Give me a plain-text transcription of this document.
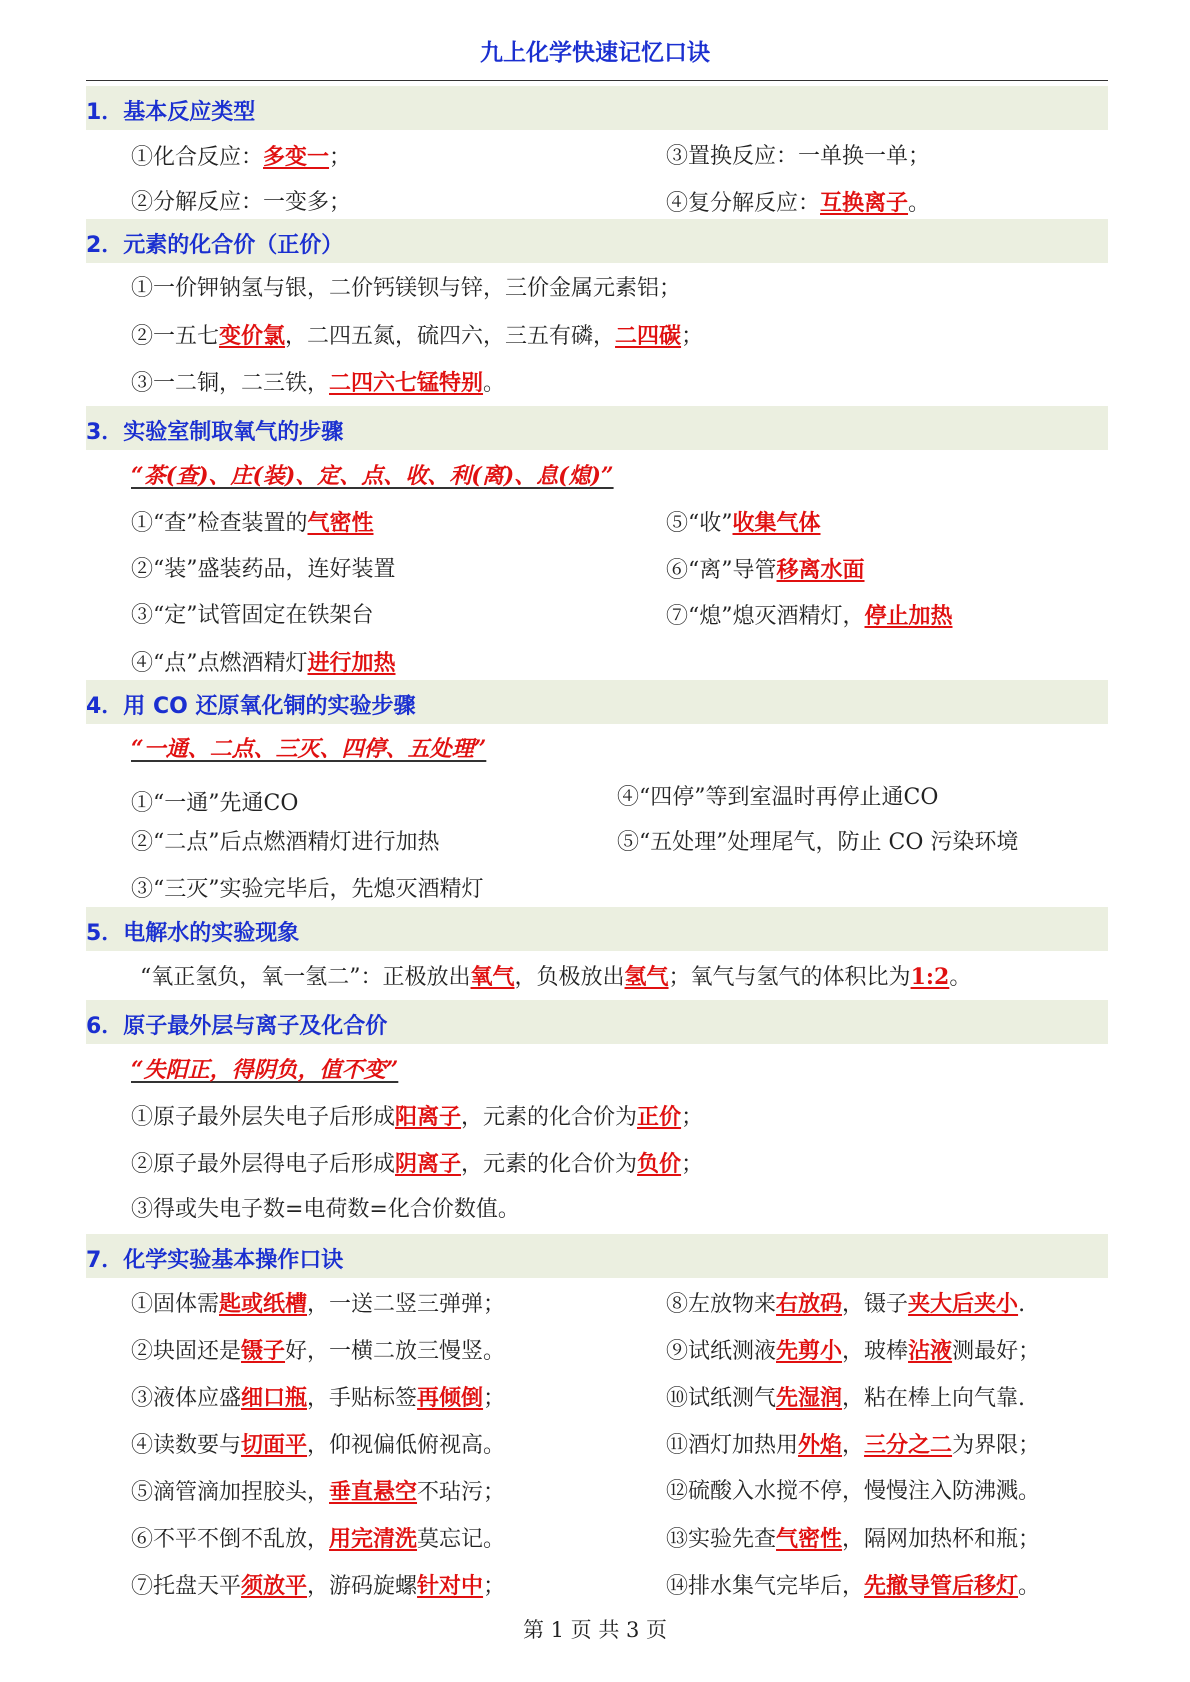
九上化学快速记忆口诀
1．基本反应类型
①化合反应：多变一；	③置换反应：一单换一单；
②分解反应：一变多；	④复分解反应：互换离子。
2．元素的化合价（正价）
①一价钾钠氢与银，二价钙镁钡与锌，三价金属元素铝；
②一五七变价氯，二四五氮，硫四六，三五有磷，二四碳；
③一二铜，二三铁，二四六七锰特别。
3．实验室制取氧气的步骤
“茶(查)、庄(装)、定、点、收、利(离)、息(熄)”
①“查”检查装置的气密性
②“装”盛装药品，连好装置
③“定”试管固定在铁架台
④“点”点燃酒精灯进行加热
⑤“收”收集气体
⑥“离”导管移离水面
⑦“熄”熄灭酒精灯，停止加热
4．用 CO 还原氧化铜的实验步骤
“一通、二点、三灭、四停、五处理”
①“一通”先通CO
②“二点”后点燃酒精灯进行加热
③“三灭”实验完毕后，先熄灭酒精灯
④“四停”等到室温时再停止通CO
⑤“五处理”处理尾气，防止 CO 污染环境
5．电解水的实验现象
“氧正氢负，氧一氢二”：正极放出氧气，负极放出氢气；氧气与氢气的体积比为1:2。
6．原子最外层与离子及化合价
“失阳正，得阴负，值不变”
①原子最外层失电子后形成阳离子，元素的化合价为正价；
②原子最外层得电子后形成阴离子，元素的化合价为负价；
③得或失电子数=电荷数=化合价数值。
7．化学实验基本操作口诀
①固体需匙或纸槽，一送二竖三弹弹；
②块固还是镊子好，一横二放三慢竖。
③液体应盛细口瓶，手贴标签再倾倒；
④读数要与切面平，仰视偏低俯视高。
⑤滴管滴加捏胶头，垂直悬空不玷污；
⑥不平不倒不乱放，用完清洗莫忘记。
⑦托盘天平须放平，游码旋螺针对中；
⑧左放物来右放码，镊子夹大后夹小.
⑨试纸测液先剪小，玻棒沾液测最好；
⑩试纸测气先湿润，粘在棒上向气靠.
⑪酒灯加热用外焰，三分之二为界限；
⑫硫酸入水搅不停，慢慢注入防沸溅。
⑬实验先查气密性，隔网加热杯和瓶；
⑭排水集气完毕后，先撤导管后移灯。
第 1 页 共 3 页
